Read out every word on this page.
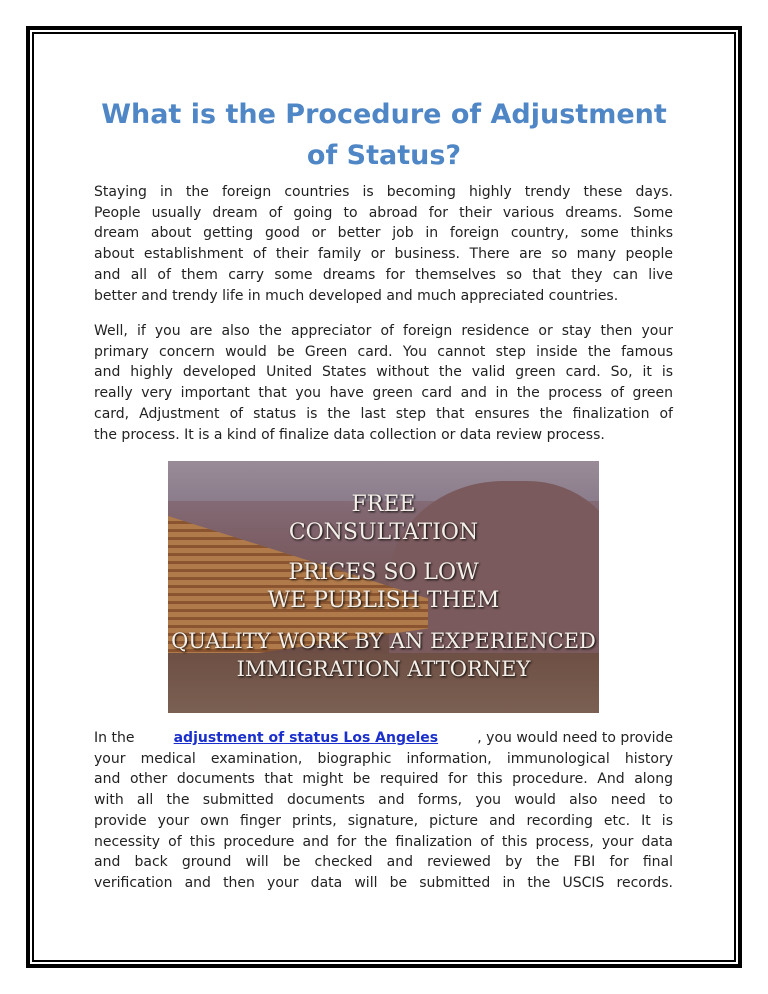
What is the Procedure of Adjustment
of Status?
Staying in the foreign countries is becoming highly trendy these days.
People usually dream of going to abroad for their various dreams. Some
dream about getting good or better job in foreign country, some thinks
about establishment of their family or business. There are so many people
and all of them carry some dreams for themselves so that they can live
better and trendy life in much developed and much appreciated countries.
Well, if you are also the appreciator of foreign residence or stay then your
primary concern would be Green card. You cannot step inside the famous
and highly developed United States without the valid green card. So, it is
really very important that you have green card and in the process of green
card, Adjustment of status is the last step that ensures the finalization of
the process. It is a kind of finalize data collection or data review process.
FREE
CONSULTATION
PRICES SO LOW
WE PUBLISH THEM
QUALITY WORK BY AN EXPERIENCED
IMMIGRATION ATTORNEY
In the	adjustment of status Los Angeles	, you would need to provide
your medical examination, biographic information, immunological history
and other documents that might be required for this procedure. And along
with all the submitted documents and forms, you would also need to
provide your own finger prints, signature, picture and recording etc. It is
necessity of this procedure and for the finalization of this process, your data
and back ground will be checked and reviewed by the FBI for final
verification and then your data will be submitted in the USCIS records.
